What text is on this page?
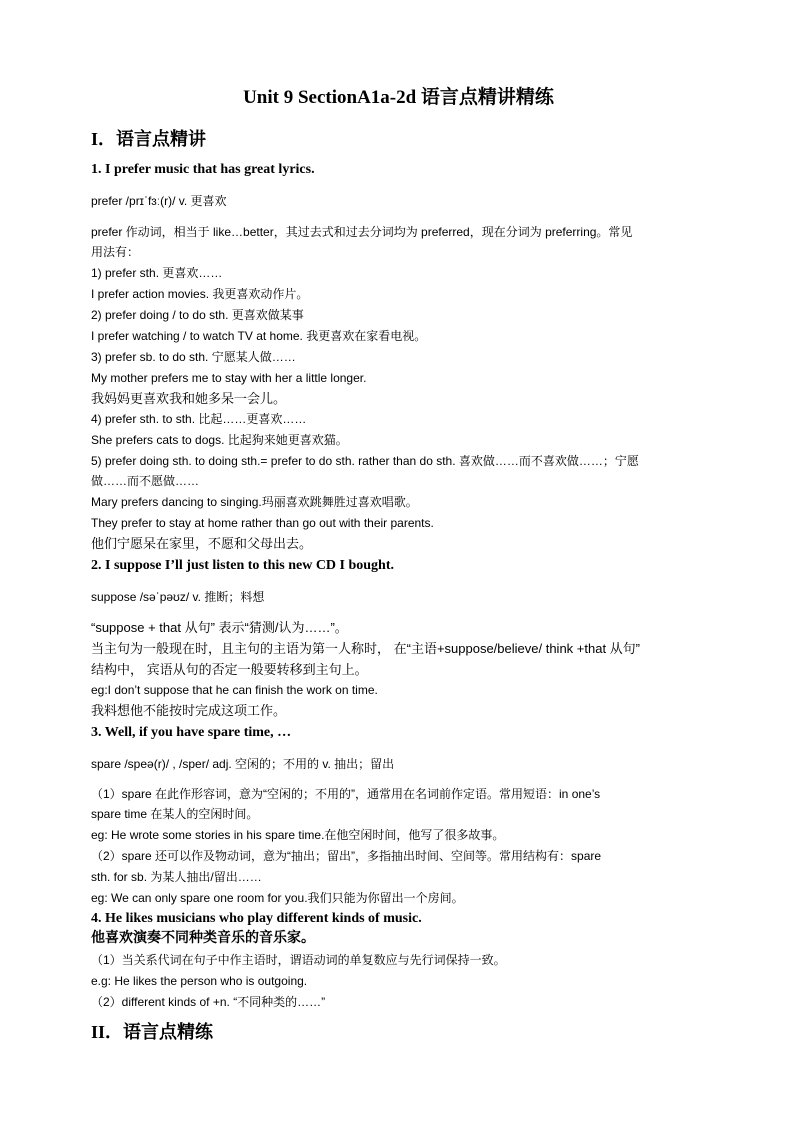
Unit 9 SectionA1a-2d 语言点精讲精练
I．语言点精讲
1. I prefer music that has great lyrics.
prefer /prɪˈfɜː(r)/ v. 更喜欢
prefer 作动词，相当于 like…better，其过去式和过去分词均为 preferred，现在分词为 preferring。常见
用法有：
1) prefer sth. 更喜欢……
I prefer action movies. 我更喜欢动作片。
2) prefer doing / to do sth. 更喜欢做某事
I prefer watching / to watch TV at home. 我更喜欢在家看电视。
3) prefer sb. to do sth. 宁愿某人做……
My mother prefers me to stay with her a little longer.
我妈妈更喜欢我和她多呆一会儿。
4) prefer sth. to sth. 比起……更喜欢……
She prefers cats to dogs. 比起狗来她更喜欢猫。
5) prefer doing sth. to doing sth.= prefer to do sth. rather than do sth. 喜欢做……而不喜欢做……；宁愿
做……而不愿做……
Mary prefers dancing to singing.玛丽喜欢跳舞胜过喜欢唱歌。
They prefer to stay at home rather than go out with their parents.
他们宁愿呆在家里，不愿和父母出去。
2. I suppose I’ll just listen to this new CD I bought.
suppose /səˈpəʊz/ v. 推断；料想
“suppose + that 从句” 表示“猜测/认为……”。
当主句为一般现在时，且主句的主语为第一人称时， 在“主语+suppose/believe/ think +that 从句”
结构中， 宾语从句的否定一般要转移到主句上。
eg:I don’t suppose that he can finish the work on time.
我料想他不能按时完成这项工作。
3. Well, if you have spare time, …
spare /speə(r)/ , /sper/ adj. 空闲的；不用的 v. 抽出；留出
（1）spare 在此作形容词，意为“空闲的；不用的”，通常用在名词前作定语。常用短语：in one’s
spare time 在某人的空闲时间。
eg: He wrote some stories in his spare time.在他空闲时间，他写了很多故事。
（2）spare 还可以作及物动词，意为“抽出；留出”，多指抽出时间、空间等。常用结构有：spare
sth. for sb. 为某人抽出/留出……
eg: We can only spare one room for you.我们只能为你留出一个房间。
4. He likes musicians who play different kinds of music.
他喜欢演奏不同种类音乐的音乐家。
（1）当关系代词在句子中作主语时，谓语动词的单复数应与先行词保持一致。
e.g: He likes the person who is outgoing.
（2）different kinds of +n. “不同种类的……”
II．语言点精练
